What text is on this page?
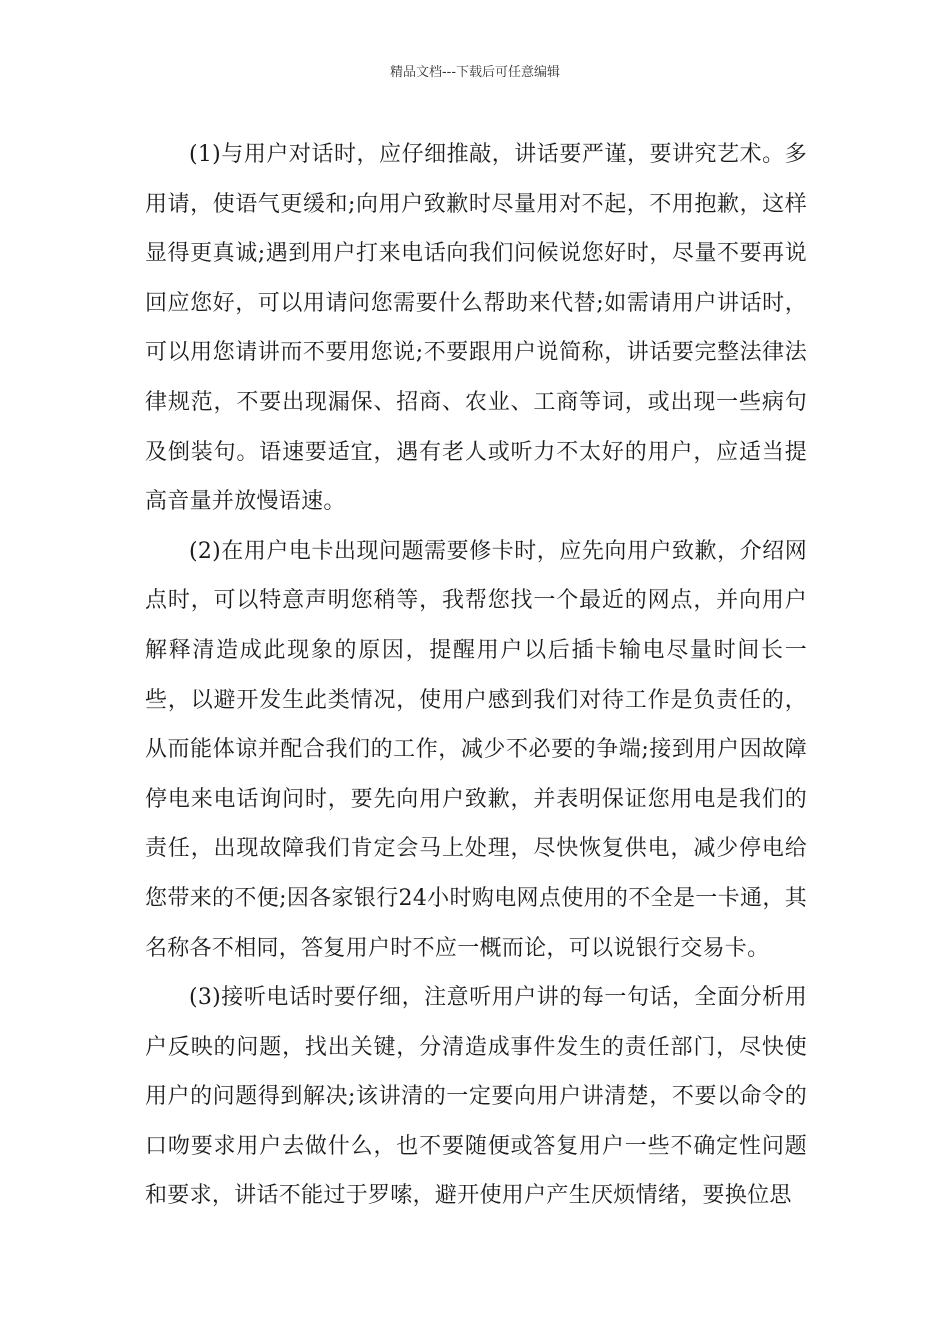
精品文档---下载后可任意编辑

(1)与用户对话时，应仔细推敲，讲话要严谨，要讲究艺术。多用请，使语气更缓和;向用户致歉时尽量用对不起，不用抱歉，这样显得更真诚;遇到用户打来电话向我们问候说您好时，尽量不要再说回应您好，可以用请问您需要什么帮助来代替;如需请用户讲话时，可以用您请讲而不要用您说;不要跟用户说简称，讲话要完整法律法律规范，不要出现漏保、招商、农业、工商等词，或出现一些病句及倒装句。语速要适宜，遇有老人或听力不太好的用户，应适当提高音量并放慢语速。

(2)在用户电卡出现问题需要修卡时，应先向用户致歉，介绍网点时，可以特意声明您稍等，我帮您找一个最近的网点，并向用户解释清造成此现象的原因，提醒用户以后插卡输电尽量时间长一些，以避开发生此类情况，使用户感到我们对待工作是负责任的，从而能体谅并配合我们的工作，减少不必要的争端;接到用户因故障停电来电话询问时，要先向用户致歉，并表明保证您用电是我们的责任，出现故障我们肯定会马上处理，尽快恢复供电，减少停电给您带来的不便;因各家银行24小时购电网点使用的不全是一卡通，其名称各不相同，答复用户时不应一概而论，可以说银行交易卡。

(3)接听电话时要仔细，注意听用户讲的每一句话，全面分析用户反映的问题，找出关键，分清造成事件发生的责任部门，尽快使用户的问题得到解决;该讲清的一定要向用户讲清楚，不要以命令的口吻要求用户去做什么，也不要随便或答复用户一些不确定性问题和要求，讲话不能过于罗嗦，避开使用户产生厌烦情绪，要换位思
